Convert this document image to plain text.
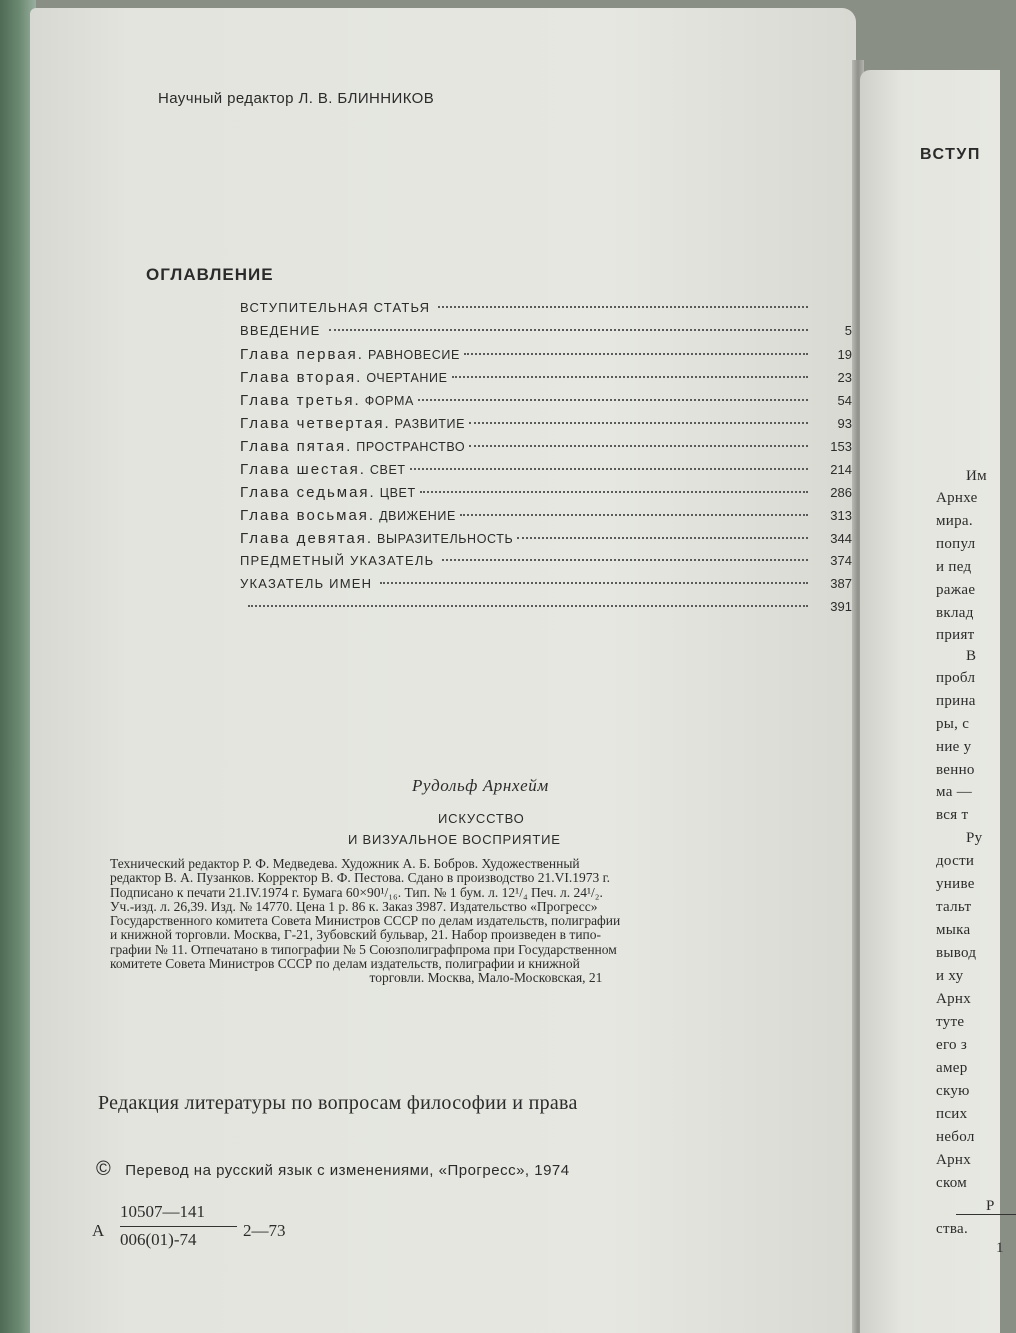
Научный редактор Л. В. БЛИННИКОВ
ОГЛАВЛЕНИЕ
ВСТУПИТЕЛЬНАЯ СТАТЬЯ
ВВЕДЕНИЕ	5
Глава первая. РАВНОВЕСИЕ	19
Глава вторая. ОЧЕРТАНИЕ	23
Глава третья. ФОРМА	54
Глава четвертая. РАЗВИТИЕ	93
Глава пятая. ПРОСТРАНСТВО	153
Глава шестая. СВЕТ	214
Глава седьмая. ЦВЕТ	286
Глава восьмая. ДВИЖЕНИЕ	313
Глава девятая. ВЫРАЗИТЕЛЬНОСТЬ	344
ПРЕДМЕТНЫЙ УКАЗАТЕЛЬ	374
УКАЗАТЕЛЬ ИМЕН	387
391
Рудольф Арнхейм
ИСКУССТВО
И ВИЗУАЛЬНОЕ ВОСПРИЯТИЕ
Технический редактор Р. Ф. Медведева. Художник А. Б. Бобров. Художественный
редактор В. А. Пузанков. Корректор В. Ф. Пестова. Сдано в производство 21.VI.1973 г.
Подписано к печати 21.IV.1974 г. Бумага 60×90¹/₁₆. Тип. № 1 бум. л. 12¹/₄ Печ. л. 24¹/₂.
Уч.-изд. л. 26,39. Изд. № 14770. Цена 1 р. 86 к. Заказ 3987. Издательство «Прогресс»
Государственного комитета Совета Министров СССР по делам издательств, полиграфии
и книжной торговли. Москва, Г-21, Зубовский бульвар, 21. Набор произведен в типо-
графии № 11. Отпечатано в типографии № 5 Союзполиграфпрома при Государственном
комитете Совета Министров СССР по делам издательств, полиграфии и книжной
торговли. Москва, Мало-Московская, 21
Редакция литературы по вопросам философии и права
© Перевод на русский язык с изменениями, «Прогресс», 1974
А
10507—141
006(01)-74	2—73
ВСТУП
Им
Арнхе
мира.
попул
и пед
ражае
вклад
прият
В
пробл
прина
ры, с
ние у
венно
ма —
вся т
Ру
дости
униве
тальт
мыка
вывод
и ху
Арнх
туте
его з
амер
скую
псих
небол
Арнх
ском
Р
ства.
1
